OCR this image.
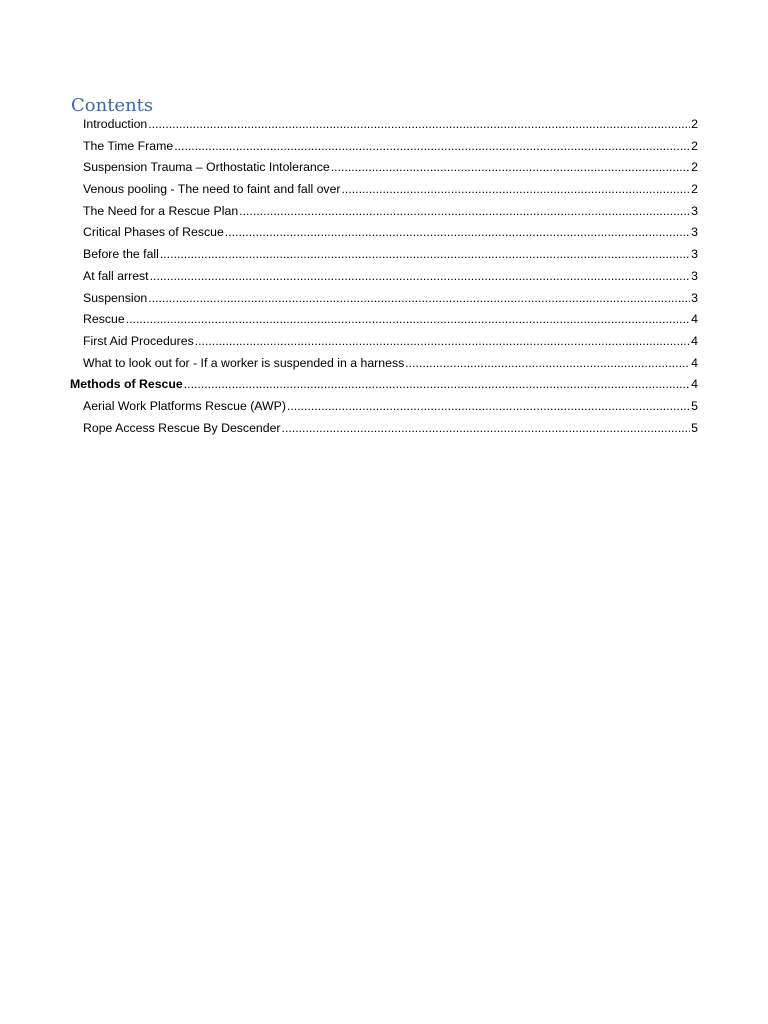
Contents
Introduction .....	2
The Time Frame .....	2
Suspension Trauma – Orthostatic Intolerance .....	2
Venous pooling - The need to faint and fall over .....	2
The Need for a Rescue Plan .....	3
Critical Phases of Rescue .....	3
Before the fall .....	3
At fall arrest .....	3
Suspension .....	3
Rescue .....	4
First Aid Procedures .....	4
What to look out for - If a worker is suspended in a harness .....	4
Methods of Rescue .....	4
Aerial Work Platforms Rescue (AWP) .....	5
Rope Access Rescue By Descender .....	5
